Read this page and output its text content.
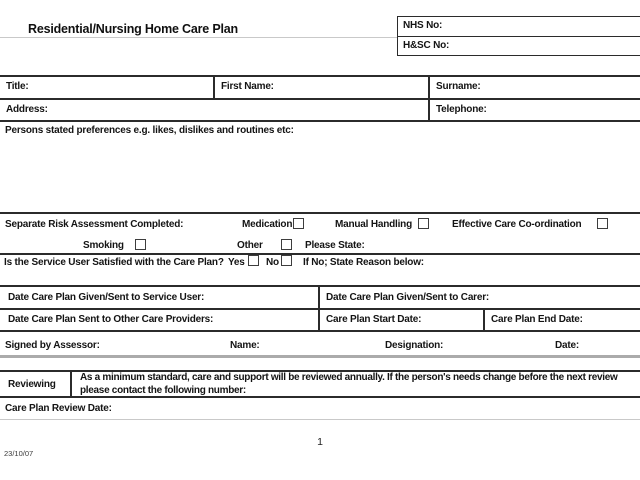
Residential/Nursing Home Care Plan	NHS No:
H&SC No:
Title:	First Name:	Surname:
Address:	Telephone:
Persons stated preferences e.g. likes, dislikes and routines etc:
Separate Risk Assessment Completed:	Medication	Manual Handling	Effective Care Co-ordination
Smoking	Other	Please State:
Is the Service User Satisfied with the Care Plan? Yes No If No; State Reason below:
Date Care Plan Given/Sent to Service User:	Date Care Plan Given/Sent to Carer:
Date Care Plan Sent to Other Care Providers:	Care Plan Start Date:	Care Plan End Date:
Signed by Assessor:	Name:	Designation:	Date:
Reviewing
As a minimum standard, care and support will be reviewed annually. If the person's needs change before the next review please contact the following number:
Care Plan Review Date:
1
23/10/07
